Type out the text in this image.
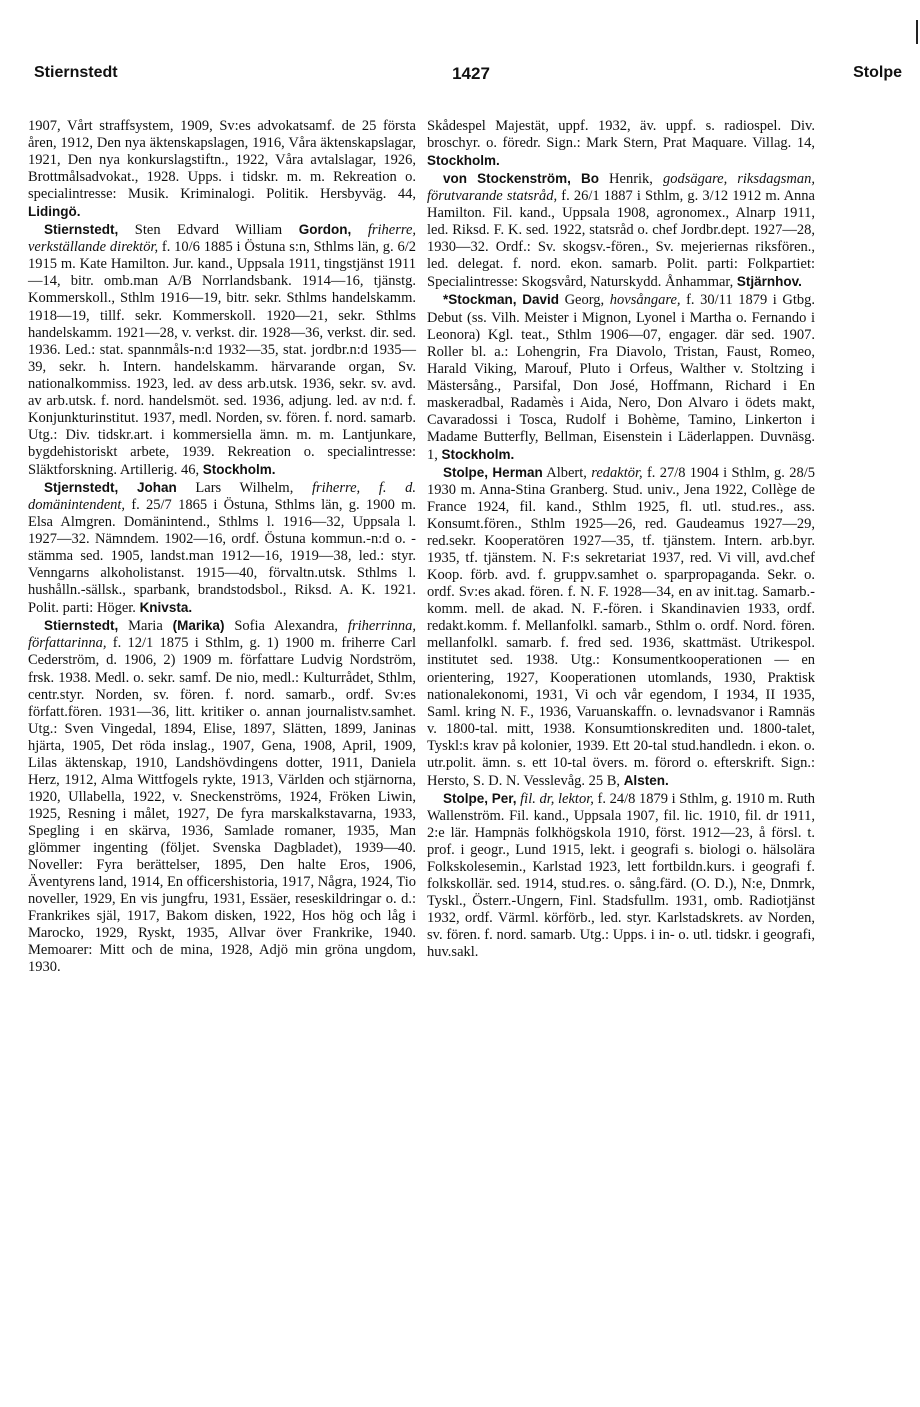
Stiernstedt	1427	Stolpe

1907, Vårt straffsystem, 1909, Sv:es advokatsamf. de 25 första åren, 1912, Den nya äktenskapslagen, 1916, Våra äktenskapslagar, 1921, Den nya konkurslagstiftn., 1922, Våra avtalslagar, 1926, Brottmålsadvokat., 1928. Upps. i tidskr. m. m. Rekreation o. specialintresse: Musik. Kriminalogi. Politik. Hersbyväg. 44, Lidingö.

Stiernstedt, Sten Edvard William Gordon, friherre, verkställande direktör, f. 10/6 1885 i Östuna s:n, Sthlms län, g. 6/2 1915 m. Kate Hamilton. Jur. kand., Uppsala 1911, tingstjänst 1911—14, bitr. omb.man A/B Norrlandsbank. 1914—16, tjänstg. Kommerskoll., Sthlm 1916—19, bitr. sekr. Sthlms handelskamm. 1918—19, tillf. sekr. Kommerskoll. 1920—21, sekr. Sthlms handelskamm. 1921—28, v. verkst. dir. 1928—36, verkst. dir. sed. 1936. Led.: stat. spannmåls-n:d 1932—35, stat. jordbr.n:d 1935—39, sekr. h. Intern. handelskamm. härvarande organ, Sv. nationalkommiss. 1923, led. av dess arb.utsk. 1936, sekr. sv. avd. av arb.utsk. f. nord. handelsmöt. sed. 1936, adjung. led. av n:d. f. Konjunkturinstitut. 1937, medl. Norden, sv. fören. f. nord. samarb. Utg.: Div. tidskr.art. i kommersiella ämn. m. m. Lantjunkare, bygdehistoriskt arbete, 1939. Rekreation o. specialintresse: Släktforskning. Artillerig. 46, Stockholm.

Stjernstedt, Johan Lars Wilhelm, friherre, f. d. domänintendent, f. 25/7 1865 i Östuna, Sthlms län, g. 1900 m. Elsa Almgren. Domänintend., Sthlms l. 1916—32, Uppsala l. 1927—32. Nämndem. 1902—16, ordf. Östuna kommun.-n:d o. -stämma sed. 1905, landst.man 1912—16, 1919—38, led.: styr. Venngarns alkoholistanst. 1915—40, förvaltn.utsk. Sthlms l. hushålln.-sällsk., sparbank, brandstodsbol., Riksd. A. K. 1921. Polit. parti: Höger. Knivsta.

Stiernstedt, Maria (Marika) Sofia Alexandra, friherrinna, författarinna, f. 12/1 1875 i Sthlm, g. 1) 1900 m. friherre Carl Cederström, d. 1906, 2) 1909 m. författare Ludvig Nordström, frsk. 1938. Medl. o. sekr. samf. De nio, medl.: Kulturrådet, Sthlm, centr.styr. Norden, sv. fören. f. nord. samarb., ordf. Sv:es författ.fören. 1931—36, litt. kritiker o. annan journalistv.samhet. Utg.: Sven Vingedal, 1894, Elise, 1897, Slätten, 1899, Janinas hjärta, 1905, Det röda inslag., 1907, Gena, 1908, April, 1909, Lilas äktenskap, 1910, Landshövdingens dotter, 1911, Daniela Herz, 1912, Alma Wittfogels rykte, 1913, Världen och stjärnorna, 1920, Ullabella, 1922, v. Sneckenströms, 1924, Fröken Liwin, 1925, Resning i målet, 1927, De fyra marskalkstavarna, 1933, Spegling i en skärva, 1936, Samlade romaner, 1935, Man glömmer ingenting (följet. Svenska Dagbladet), 1939—40. Noveller: Fyra berättelser, 1895, Den halte Eros, 1906, Äventyrens land, 1914, En officershistoria, 1917, Några, 1924, Tio noveller, 1929, En vis jungfru, 1931, Essäer, reseskildringar o. d.: Frankrikes själ, 1917, Bakom disken, 1922, Hos hög och låg i Marocko, 1929, Ryskt, 1935, Allvar över Frankrike, 1940. Memoarer: Mitt och de mina, 1928, Adjö min gröna ungdom, 1930.

Skådespel Majestät, uppf. 1932, äv. uppf. s. radiospel. Div. broschyr. o. föredr. Sign.: Mark Stern, Prat Maquare. Villag. 14, Stockholm.

von Stockenström, Bo Henrik, godsägare, riksdagsman, förutvarande statsråd, f. 26/1 1887 i Sthlm, g. 3/12 1912 m. Anna Hamilton. Fil. kand., Uppsala 1908, agronomex., Alnarp 1911, led. Riksd. F. K. sed. 1922, statsråd o. chef Jordbr.dept. 1927—28, 1930—32. Ordf.: Sv. skogsv.-fören., Sv. mejeriernas riksfören., led. delegat. f. nord. ekon. samarb. Polit. parti: Folkpartiet: Specialintresse: Skogsvård, Naturskydd. Ånhammar, Stjärnhov.

*Stockman, David Georg, hovsångare, f. 30/11 1879 i Gtbg. Debut (ss. Vilh. Meister i Mignon, Lyonel i Martha o. Fernando i Leonora) Kgl. teat., Sthlm 1906—07, engager. där sed. 1907. Roller bl. a.: Lohengrin, Fra Diavolo, Tristan, Faust, Romeo, Harald Viking, Marouf, Pluto i Orfeus, Walther v. Stoltzing i Mästersång., Parsifal, Don José, Hoffmann, Richard i En maskeradbal, Radamès i Aida, Nero, Don Alvaro i ödets makt, Cavaradossi i Tosca, Rudolf i Bohème, Tamino, Linkerton i Madame Butterfly, Bellman, Eisenstein i Läderlappen. Duvnäsg. 1, Stockholm.

Stolpe, Herman Albert, redaktör, f. 27/8 1904 i Sthlm, g. 28/5 1930 m. Anna-Stina Granberg. Stud. univ., Jena 1922, Collège de France 1924, fil. kand., Sthlm 1925, fl. utl. stud.res., ass. Konsumt.fören., Sthlm 1925—26, red. Gaudeamus 1927—29, red.sekr. Kooperatören 1927—35, tf. tjänstem. Intern. arb.byr. 1935, tf. tjänstem. N. F:s sekretariat 1937, red. Vi vill, avd.chef Koop. förb. avd. f. gruppv.samhet o. sparpropaganda. Sekr. o. ordf. Sv:es akad. fören. f. N. F. 1928—34, en av init.tag. Samarb.-komm. mell. de akad. N. F.-fören. i Skandinavien 1933, ordf. redakt.komm. f. Mellanfolkl. samarb., Sthlm o. ordf. Nord. fören. mellanfolkl. samarb. f. fred sed. 1936, skattmäst. Utrikespol. institutet sed. 1938. Utg.: Konsumentkooperationen — en orientering, 1927, Kooperationen utomlands, 1930, Praktisk nationalekonomi, 1931, Vi och vår egendom, I 1934, II 1935, Saml. kring N. F., 1936, Varuanskaffn. o. levnadsvanor i Ramnäs v. 1800-tal. mitt, 1938. Konsumtionskrediten und. 1800-talet, Tyskl:s krav på kolonier, 1939. Ett 20-tal stud.handledn. i ekon. o. utr.polit. ämn. s. ett 10-tal övers. m. förord o. efterskrift. Sign.: Hersto, S. D. N. Vesslevåg. 25 B, Alsten.

Stolpe, Per, fil. dr, lektor, f. 24/8 1879 i Sthlm, g. 1910 m. Ruth Wallenström. Fil. kand., Uppsala 1907, fil. lic. 1910, fil. dr 1911, 2:e lär. Hampnäs folkhögskola 1910, först. 1912—23, å försl. t. prof. i geogr., Lund 1915, lekt. i geografi s. biologi o. hälsolära Folkskolesemin., Karlstad 1923, lett fortbildn.kurs. i geografi f. folkskollär. sed. 1914, stud.res. o. sång.färd. (O. D.), N:e, Dnmrk, Tyskl., Österr.-Ungern, Finl. Stadsfullm. 1931, omb. Radiotjänst 1932, ordf. Värml. körförb., led. styr. Karlstadskrets. av Norden, sv. fören. f. nord. samarb. Utg.: Upps. i in- o. utl. tidskr. i geografi, huv.sakl.
